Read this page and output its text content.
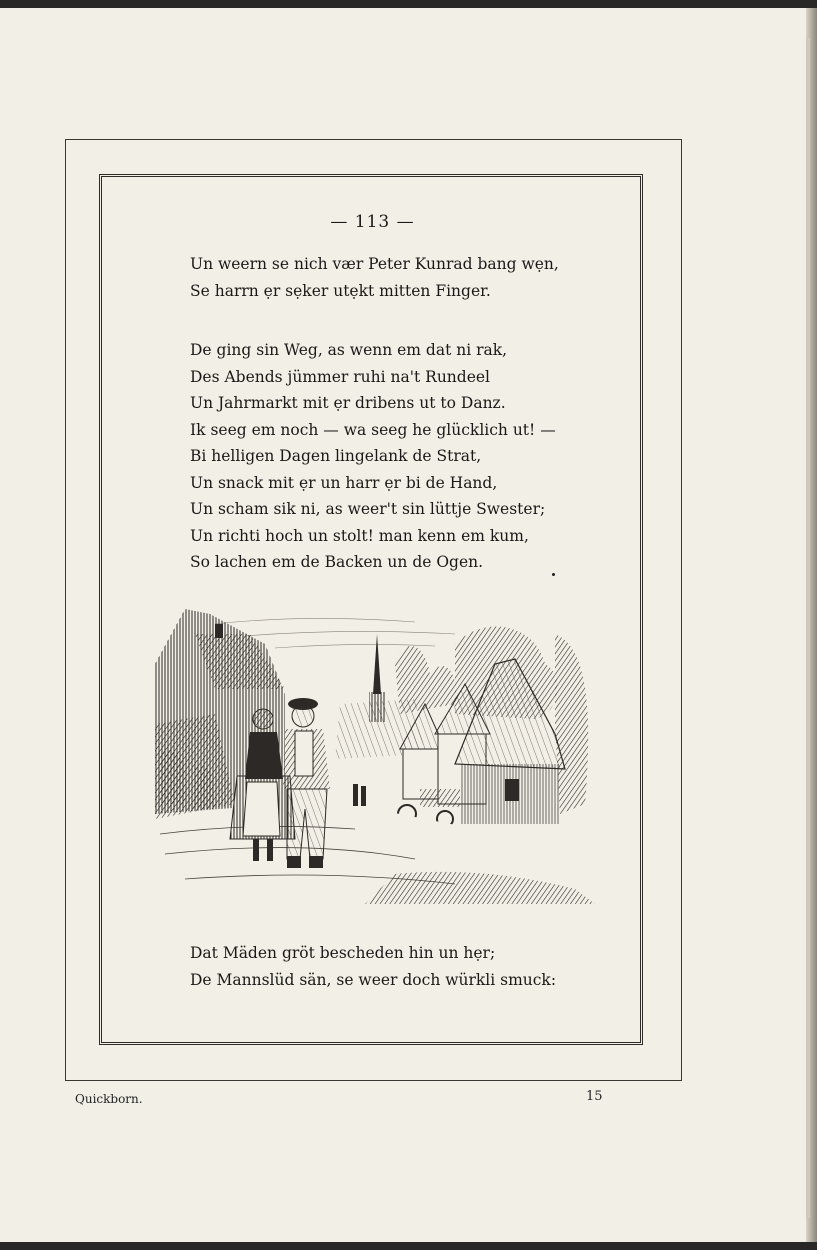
— 113 —
Un weern se nich vær Peter Kunrad bang wẹn,
Se harrn ẹr sẹker utẹkt mitten Finger.
De ging sin Weg, as wenn em dat ni rak,
Des Abends jümmer ruhi na't Rundeel
Un Jahrmarkt mit ẹr dribens ut to Danz.
Ik seeg em noch — wa seeg he glücklich ut! —
Bi helligen Dagen lingelank de Strat,
Un snack mit ẹr un harr ẹr bi de Hand,
Un scham sik ni, as weer't sin lüttje Swester;
Un richti hoch un stolt! man kenn em kum,
So lachen em de Backen un de Ogen.
Dat Mäden gröt bescheden hin un hẹr;
De Mannslüd sän, se weer doch würkli smuck:
Quickborn.	15
